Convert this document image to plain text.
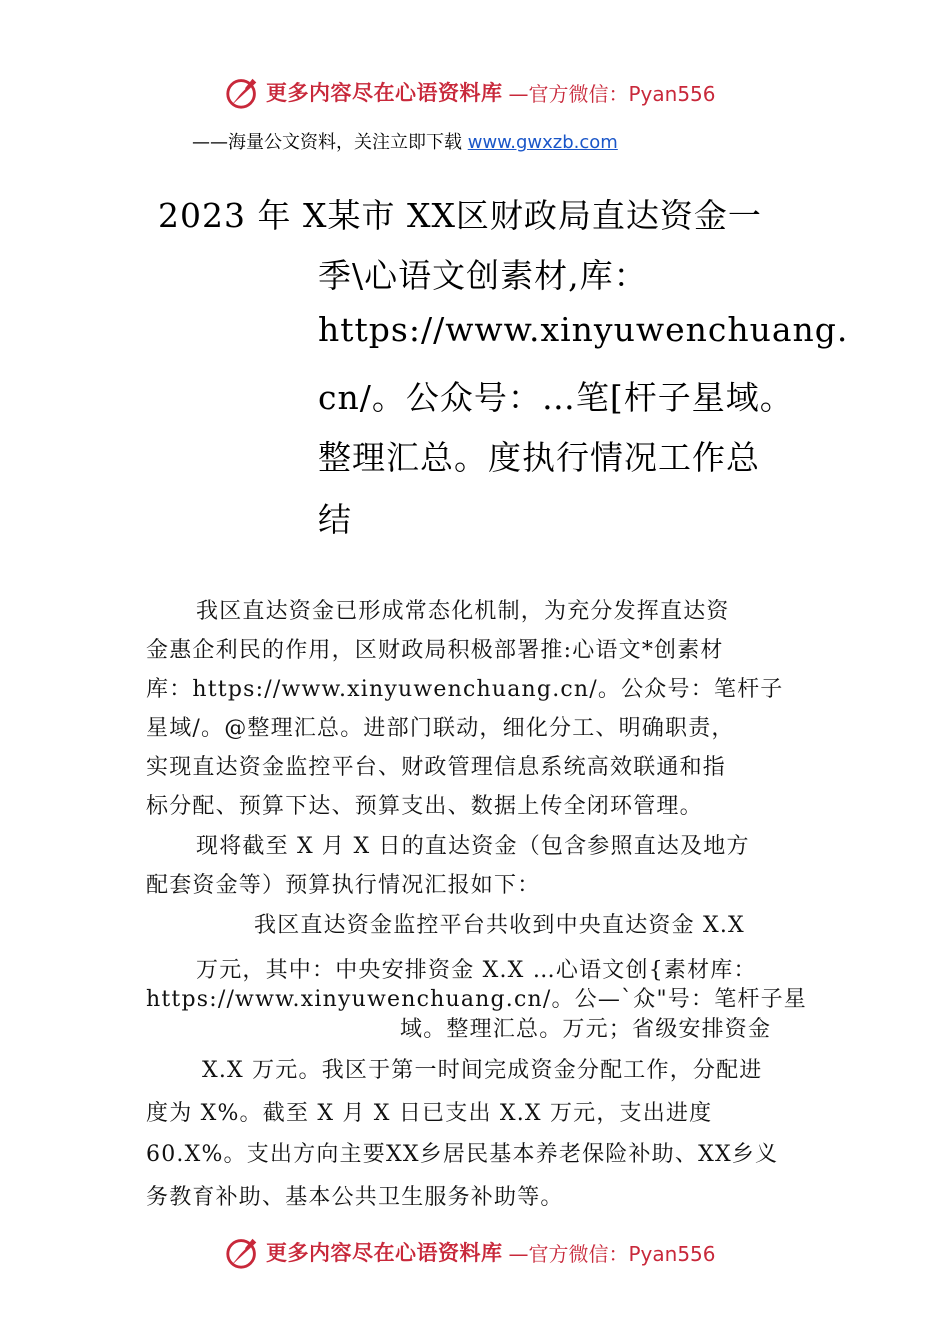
更多内容尽在心语资料库 —官方微信：Pyan556
——海量公文资料，关注立即下载 www.gwxzb.com
2023 年 X某市 XX区财政局直达资金一
季\心语文创素材,库：
https://www.xinyuwenchuang.
cn/。公众号：…笔[杆子星域。
整理汇总。度执行情况工作总
结
我区直达资金已形成常态化机制，为充分发挥直达资
金惠企利民的作用，区财政局积极部署推:心语文*创素材
库：https://www.xinyuwenchuang.cn/。公众号：笔杆子
星域/。@整理汇总。进部门联动，细化分工、明确职责，
实现直达资金监控平台、财政管理信息系统高效联通和指
标分配、预算下达、预算支出、数据上传全闭环管理。
现将截至 X 月 X 日的直达资金（包含参照直达及地方
配套资金等）预算执行情况汇报如下：
我区直达资金监控平台共收到中央直达资金 X.X
万元，其中：中央安排资金 X.X …心语文创{素材库：
https://www.xinyuwenchuang.cn/。公—`众"号：笔杆子星
域。整理汇总。万元；省级安排资金
X.X 万元。我区于第一时间完成资金分配工作，分配进
度为 X%。截至 X 月 X 日已支出 X.X 万元，支出进度
60.X%。支出方向主要XX乡居民基本养老保险补助、XX乡义
务教育补助、基本公共卫生服务补助等。
更多内容尽在心语资料库 —官方微信：Pyan556
